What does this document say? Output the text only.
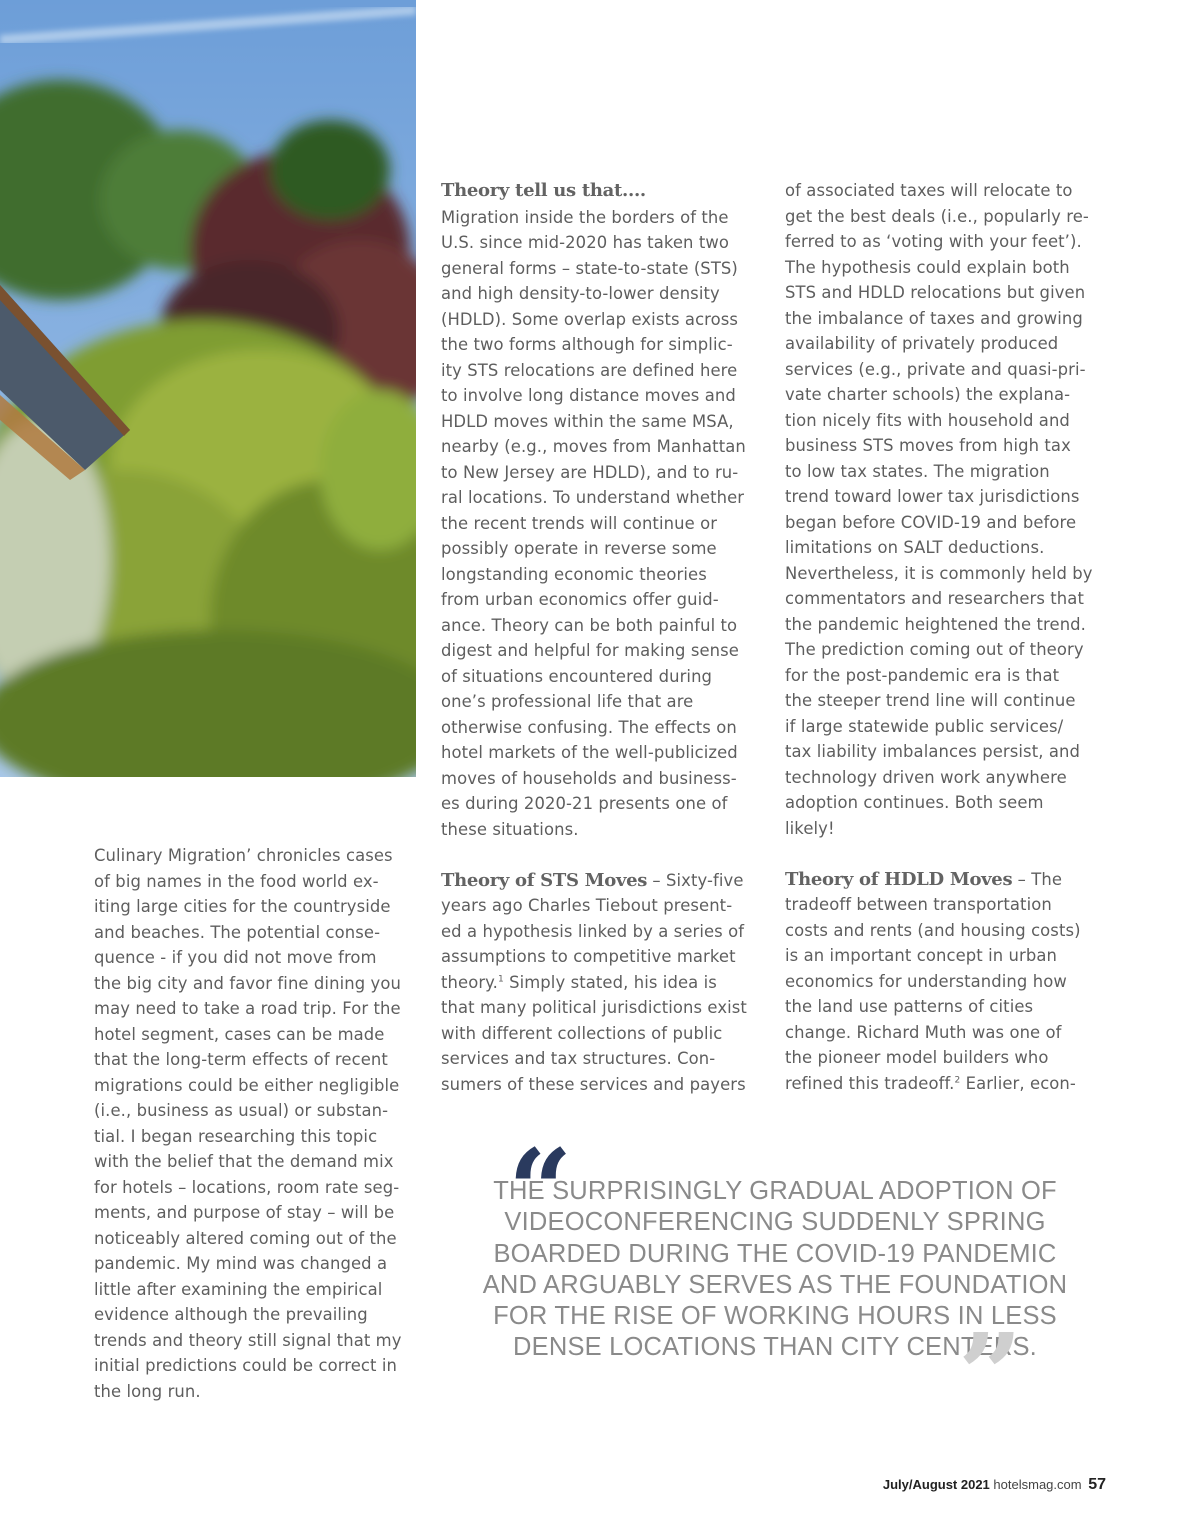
Culinary Migration’ chronicles cases
of big names in the food world ex-
iting large cities for the countryside
and beaches. The potential conse-
quence - if you did not move from
the big city and favor fine dining you
may need to take a road trip. For the
hotel segment, cases can be made
that the long-term effects of recent
migrations could be either negligible
(i.e., business as usual) or substan-
tial. I began researching this topic
with the belief that the demand mix
for hotels – locations, room rate seg-
ments, and purpose of stay – will be
noticeably altered coming out of the
pandemic. My mind was changed a
little after examining the empirical
evidence although the prevailing
trends and theory still signal that my
initial predictions could be correct in
the long run.

Theory tell us that....

Migration inside the borders of the
U.S. since mid-2020 has taken two
general forms – state-to-state (STS)
and high density-to-lower density
(HDLD). Some overlap exists across
the two forms although for simplic-
ity STS relocations are defined here
to involve long distance moves and
HDLD moves within the same MSA,
nearby (e.g., moves from Manhattan
to New Jersey are HDLD), and to ru-
ral locations. To understand whether
the recent trends will continue or
possibly operate in reverse some
longstanding economic theories
from urban economics offer guid-
ance. Theory can be both painful to
digest and helpful for making sense
of situations encountered during
one’s professional life that are
otherwise confusing. The effects on
hotel markets of the well-publicized
moves of households and business-
es during 2020-21 presents one of
these situations.

Theory of STS Moves – Sixty-five
years ago Charles Tiebout present-
ed a hypothesis linked by a series of
assumptions to competitive market
theory.$^1$ Simply stated, his idea is
that many political jurisdictions exist
with different collections of public
services and tax structures. Con-
sumers of these services and payers

of associated taxes will relocate to
get the best deals (i.e., popularly re-
ferred to as ‘voting with your feet’).
The hypothesis could explain both
STS and HDLD relocations but given
the imbalance of taxes and growing
availability of privately produced
services (e.g., private and quasi-pri-
vate charter schools) the explana-
tion nicely fits with household and
business STS moves from high tax
to low tax states. The migration
trend toward lower tax jurisdictions
began before COVID-19 and before
limitations on SALT deductions.
Nevertheless, it is commonly held by
commentators and researchers that
the pandemic heightened the trend.
The prediction coming out of theory
for the post-pandemic era is that
the steeper trend line will continue
if large statewide public services/
tax liability imbalances persist, and
technology driven work anywhere
adoption continues. Both seem
likely!

Theory of HDLD Moves – The
tradeoff between transportation
costs and rents (and housing costs)
is an important concept in urban
economics for understanding how
the land use patterns of cities
change. Richard Muth was one of
the pioneer model builders who
refined this tradeoff.$^2$ Earlier, econ-

“
THE SURPRISINGLY GRADUAL ADOPTION OF
VIDEOCONFERENCING SUDDENLY SPRING
BOARDED DURING THE COVID-19 PANDEMIC
AND ARGUABLY SERVES AS THE FOUNDATION
FOR THE RISE OF WORKING HOURS IN LESS
DENSE LOCATIONS THAN CITY CENTERS.
”
July/August 2021 hotelsmag.com 57
